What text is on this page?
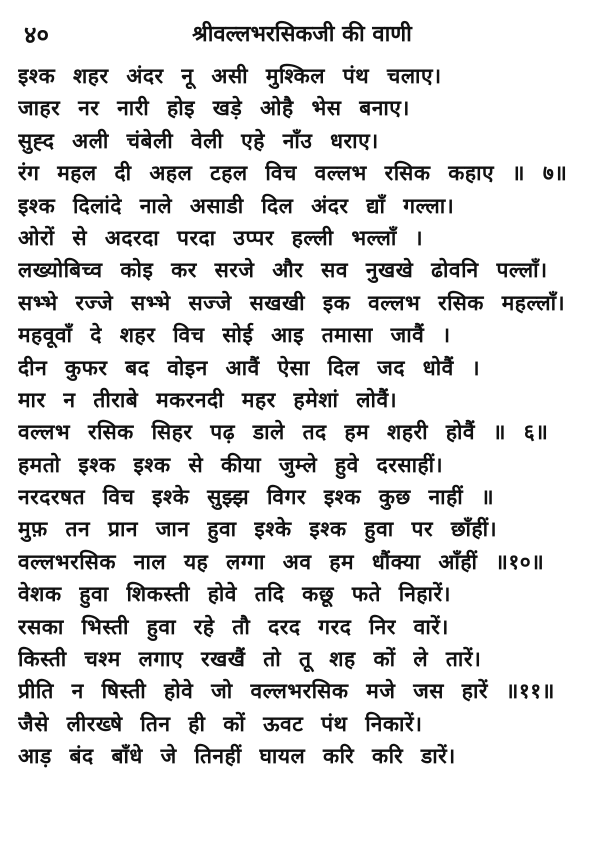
४०	श्रीवल्लभरसिकजी की वाणी
इश्क शहर अंदर नू असी मुश्किल पंथ चलाए।
जाहर नर नारी होइ खड़े ओहै भेस बनाए।
सुह्द अली चंबेली वेली एहे नाँउ धराए।
रंग महल दी अहल टहल विच वल्लभ रसिक कहाए ॥ ७॥
इश्क दिलांदे नाले असाडी दिल अंदर द्याँ गल्ला।
ओरों से अदरदा परदा उप्पर हल्ली भल्लाँ ।
लख्योबिच्व कोइ कर सरजे और सव नुखखे ढोवनि पल्लाँ।
सभ्भे रज्जे सभ्भे सज्जे सखखी इक वल्लभ रसिक महल्लाँ।
महवूवाँ दे शहर विच सोई आइ तमासा जावैं ।
दीन कुफर बद वोइन आवैं ऐसा दिल जद धोवैं ।
मार न तीराबे मकरनदी महर हमेशां लोवैं।
वल्लभ रसिक सिहर पढ़ डाले तद हम शहरी होवैं ॥ ६॥
हमतो इश्क इश्क से कीया जुम्ले हुवे दरसाहीं।
नरदरषत विच इश्के सुझ्झ विगर इश्क कुछ नाहीं ॥
मुफ़ तन प्रान जान हुवा इश्के इश्क हुवा पर छाँहीं।
वल्लभरसिक नाल यह लग्गा अव हम धौंक्या आँहीं ॥१०॥
वेशक हुवा शिकस्ती होवे तदि कछू फते निहारें।
रसका भिस्ती हुवा रहे तौ दरद गरद निर वारें।
किस्ती चश्म लगाए रखखैं तो तू शह कों ले तारें।
प्रीति न षिस्ती होवे जो वल्लभरसिक मजे जस हारें ॥११॥
जैसे लीरख्षे तिन ही कों ऊवट पंथ निकारें।
आड़ बंद बाँधे जे तिनहीं घायल करि करि डारें।
